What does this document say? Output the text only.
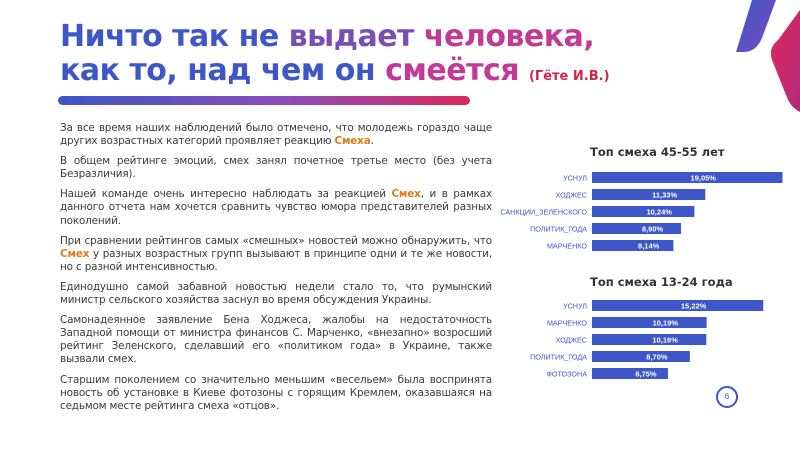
Ничто так не выдает человека,
как то, над чем он смеётся (Гёте И.В.)

За все время наших наблюдений было отмечено, что молодежь гораздо чаще других возрастных категорий проявляет реакцию Смеха.

В общем рейтинге эмоций, смех занял почетное третье место (без учета Безразличия).

Нашей команде очень интересно наблюдать за реакцией Смех, и в рамках данного отчета нам хочется сравнить чувство юмора представителей разных поколений.

При сравнении рейтингов самых «смешных» новостей можно обнаружить, что Смех у разных возрастных групп вызывают в принципе одни и те же новости, но с разной интенсивностью.

Единодушно самой забавной новостью недели стало то, что румынский министр сельского хозяйства заснул во время обсуждения Украины.

Самонадеянное заявление Бена Ходжеса, жалобы на недостаточность Западной помощи от министра финансов С. Марченко, «внезапно» возросший рейтинг Зеленского, сделавший его «политиком года» в Украине, также вызвали смех.

Старшим поколением со значительно меньшим «весельем» была воспринята новость об установке в Киеве фотозоны с горящим Кремлем, оказавшаяся на седьмом месте рейтинга смеха «отцов».

Топ смеха 45-55 лет
Топ смеха 13-24 года
УСНУЛ	19,05%
ХОДЖЕС	11,33%
САНКЦИИ_ЗЕЛЕНСКОГО	10,24%
ПОЛИТИК_ГОДА	8,90%
МАРЧЕНКО	8,14%
УСНУЛ	15,22%
МАРЧЕНКО	10,19%
ХОДЖЕС	10,16%
ПОЛИТИК_ГОДА	8,70%
ФОТОЗОНА	6,75%
6
